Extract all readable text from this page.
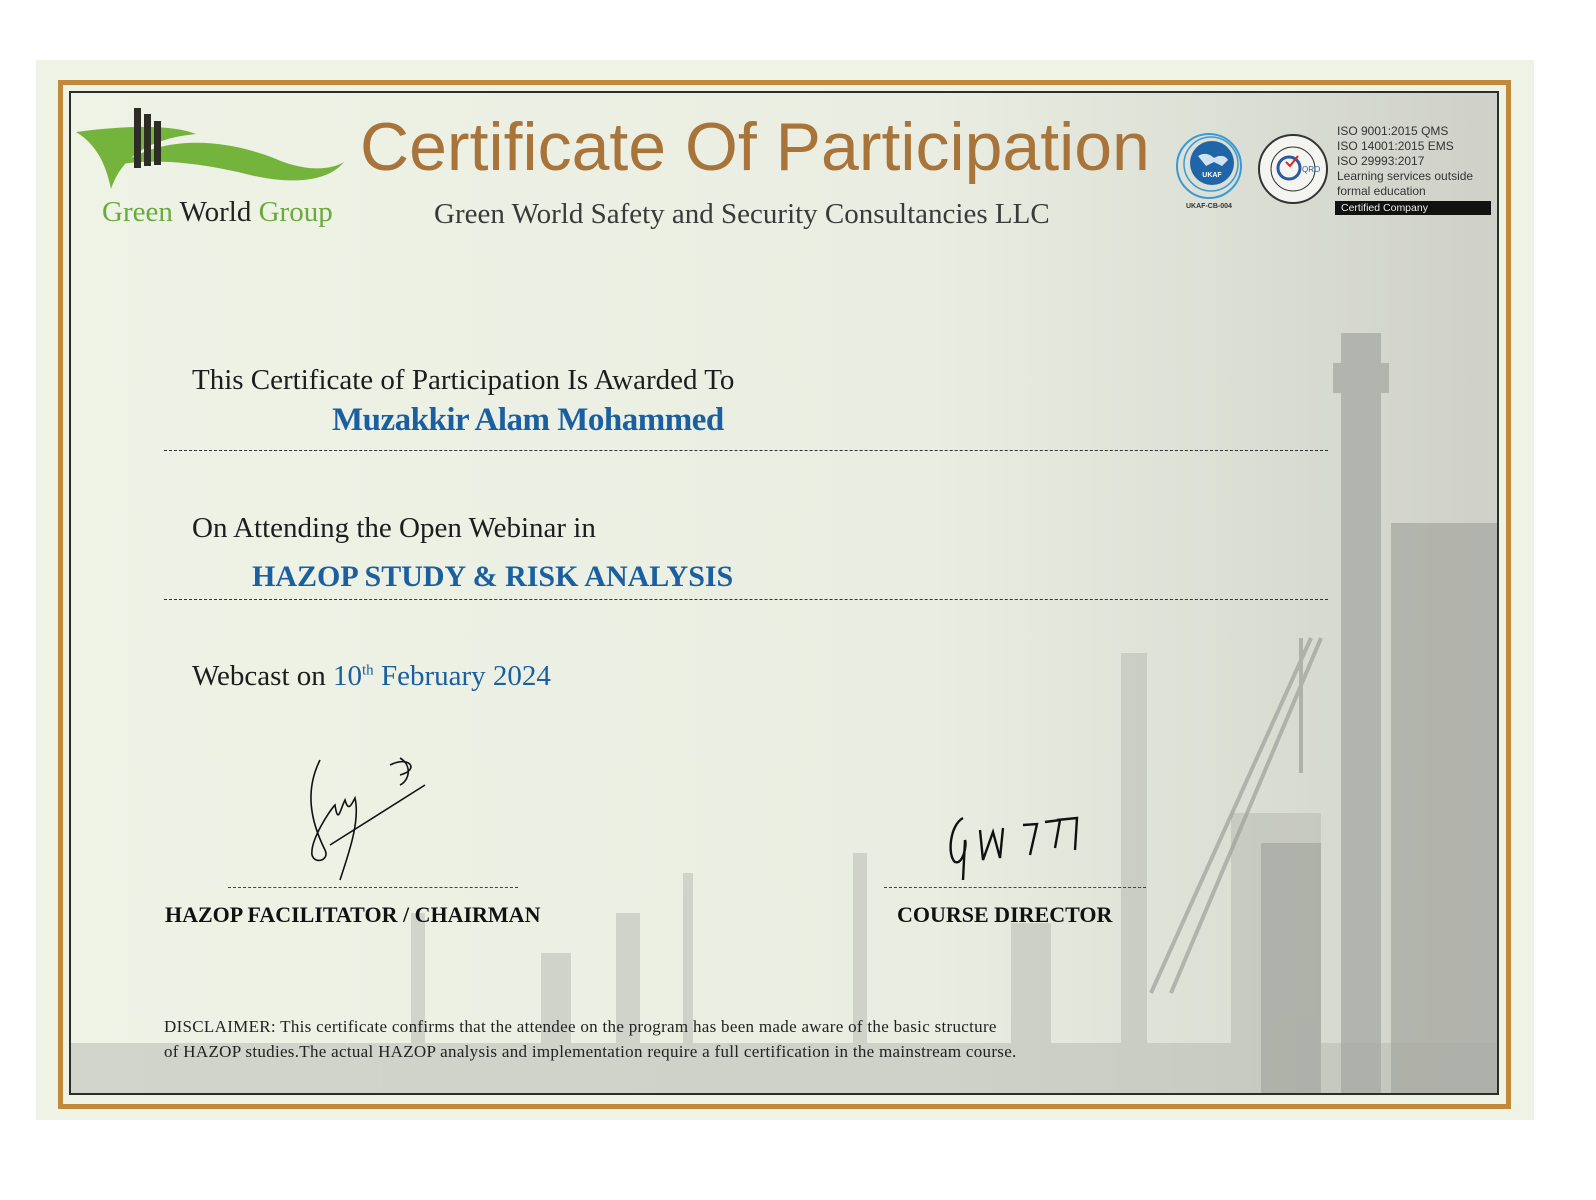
Green World Group
Certificate Of Participation
Green World Safety and Security Consultancies LLC
UKAF
UKAF-CB-004
QRO
ISO 9001:2015 QMS
ISO 14001:2015 EMS
ISO 29993:2017
Learning services outside
formal education
Certified Company
This Certificate of Participation Is Awarded To
Muzakkir Alam Mohammed
On Attending the Open Webinar in
HAZOP STUDY & RISK ANALYSIS
Webcast on 10th February 2024
HAZOP FACILITATOR / CHAIRMAN	COURSE DIRECTOR
DISCLAIMER: This certificate confirms that the attendee on the program has been made aware of the basic structure
of HAZOP studies.The actual HAZOP analysis and implementation require a full certification in the mainstream course.
